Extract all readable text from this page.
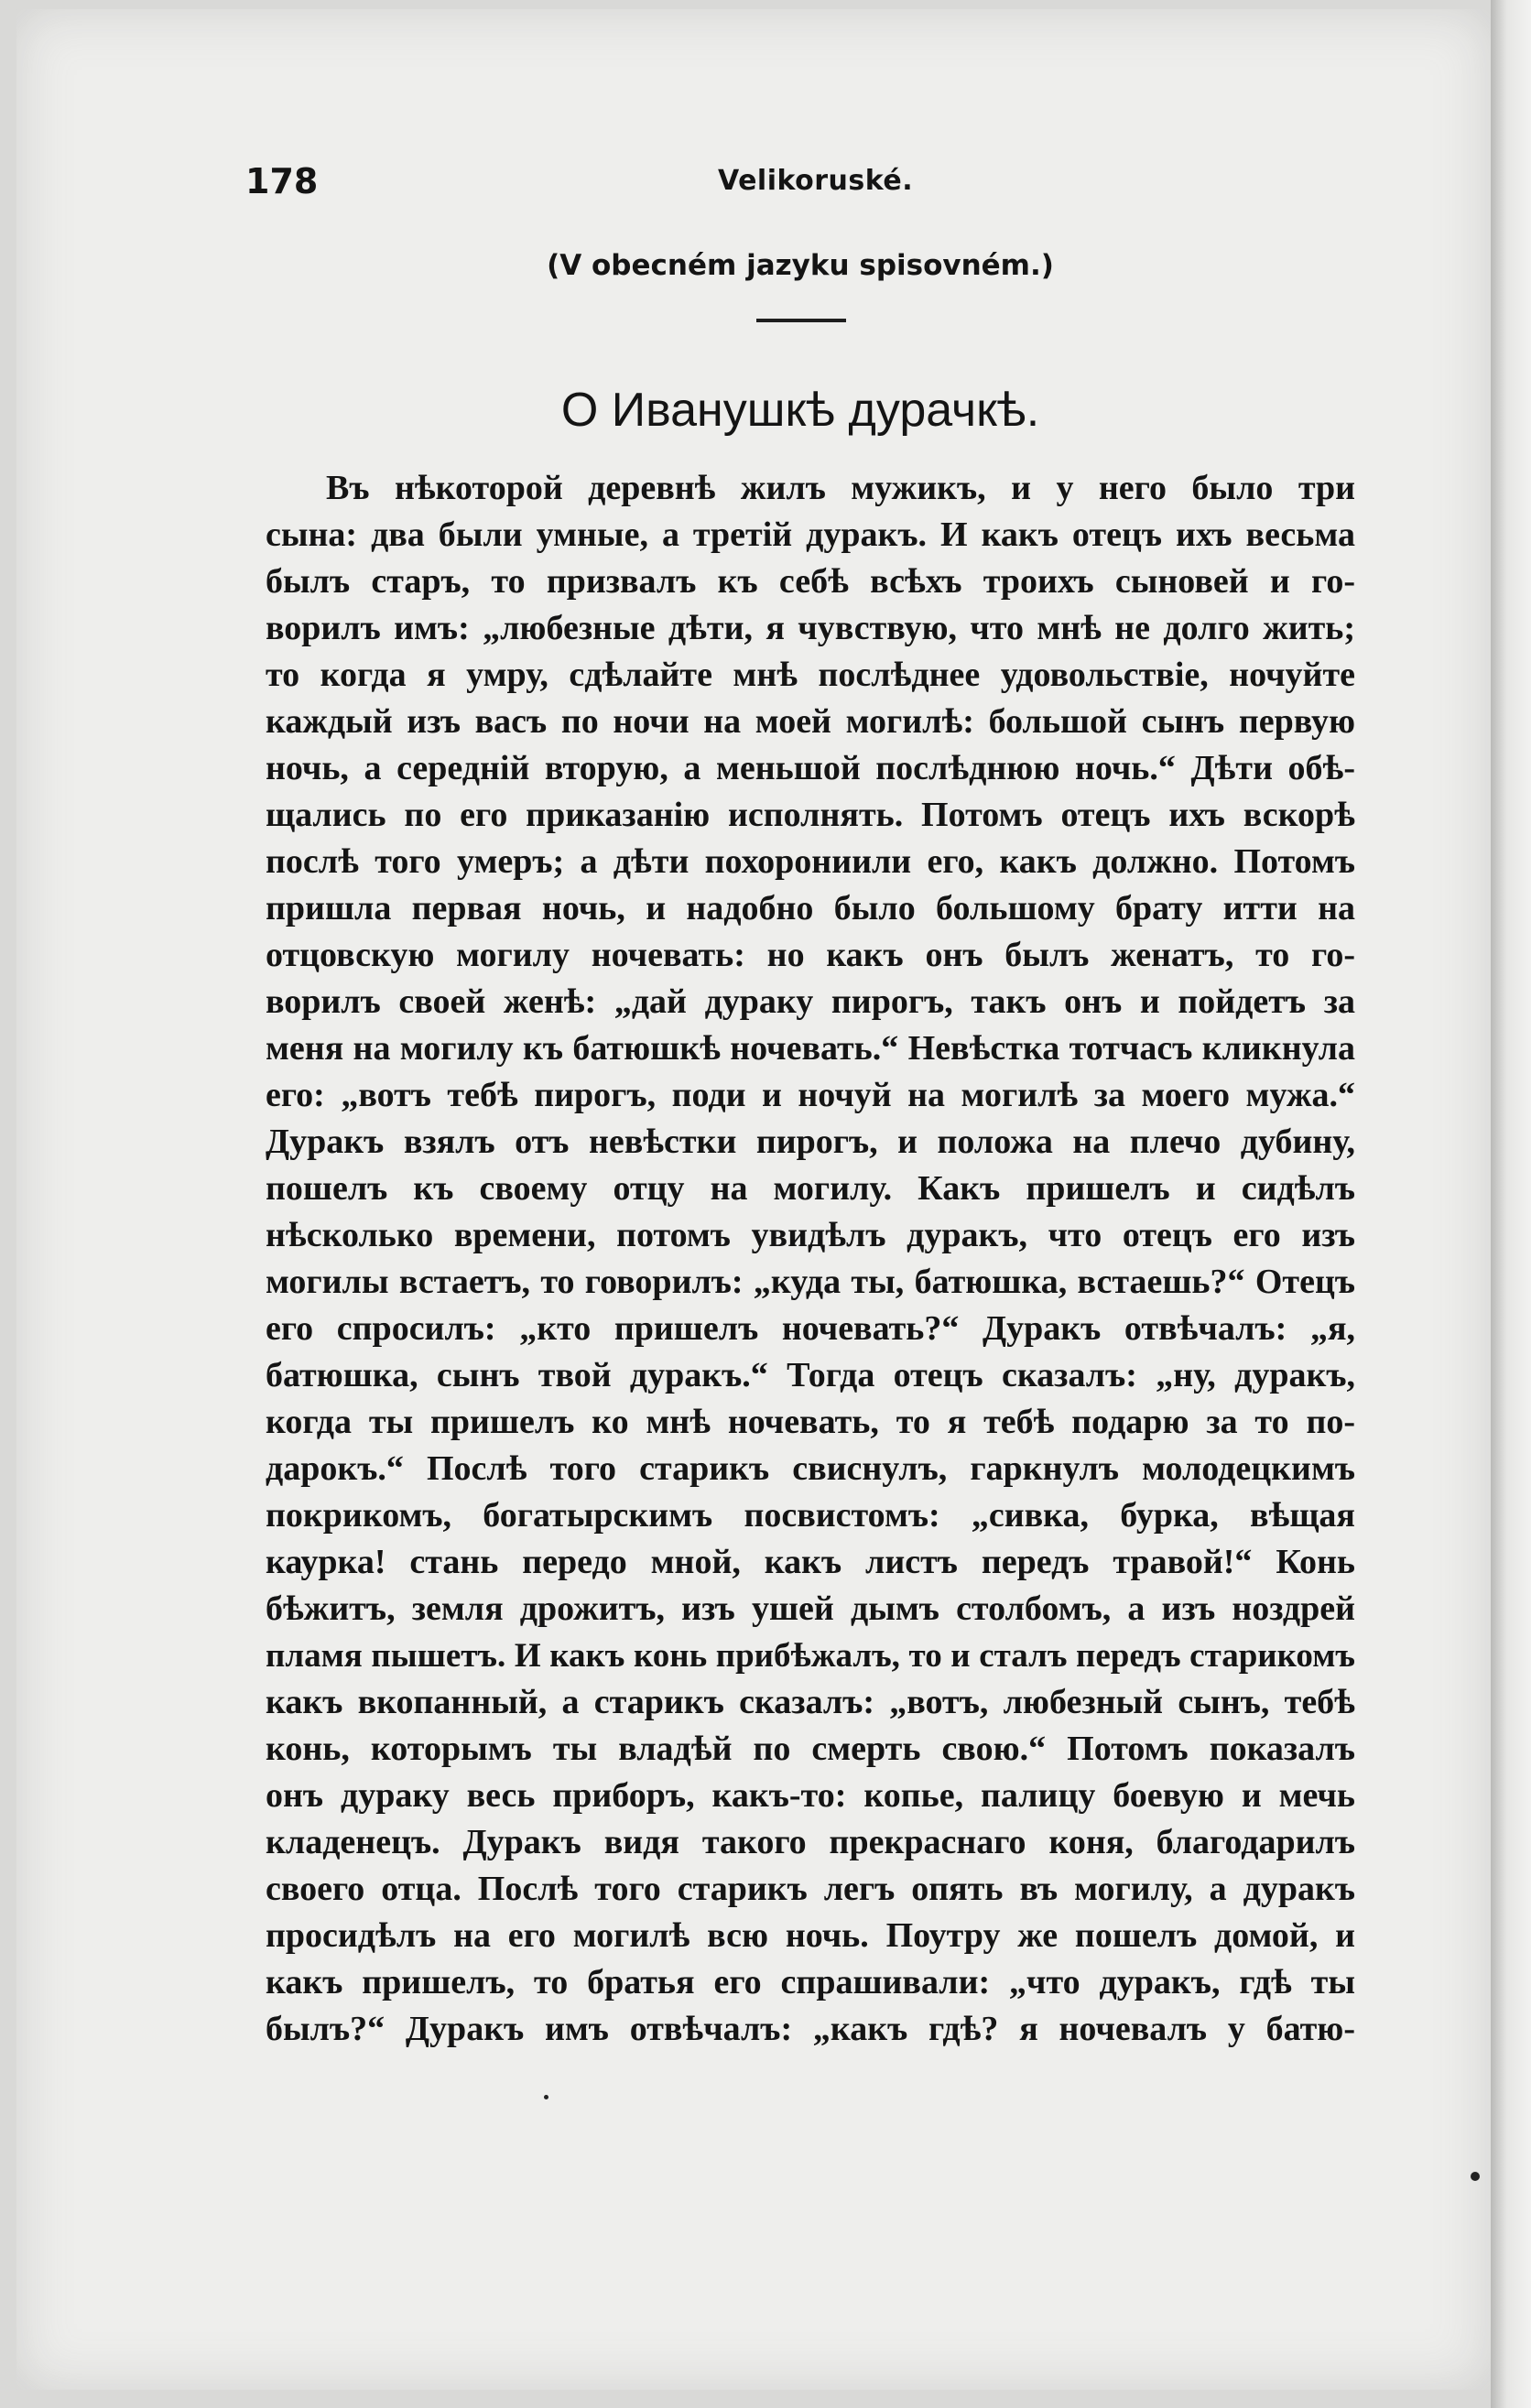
178	Velikoruské.
(V obecném jazyku spisovném.)
О Иванушкѣ дурачкѣ.
Въ нѣкоторой деревнѣ жилъ мужикъ, и у него было три
сына: два были умные, а третій дуракъ. И какъ отецъ ихъ весьма
былъ старъ, то призвалъ къ себѣ всѣхъ троихъ сыновей и го-
ворилъ имъ: „любезные дѣти, я чувствую, что мнѣ не долго жить;
то когда я умру, сдѣлайте мнѣ послѣднее удовольствіе, ночуйте
каждый изъ васъ по ночи на моей могилѣ: большой сынъ первую
ночь, а середній вторую, а меньшой послѣднюю ночь.“ Дѣти обѣ-
щались по его приказанію исполнять. Потомъ отецъ ихъ вскорѣ
послѣ того умеръ; а дѣти похорониили его, какъ должно. Потомъ
пришла первая ночь, и надобно было большому брату итти на
отцовскую могилу ночевать: но какъ онъ былъ женатъ, то го-
ворилъ своей женѣ: „дай дураку пирогъ, такъ онъ и пойдетъ за
меня на могилу къ батюшкѣ ночевать.“ Невѣстка тотчасъ кликнула
его: „вотъ тебѣ пирогъ, поди и ночуй на могилѣ за моего мужа.“
Дуракъ взялъ отъ невѣстки пирогъ, и положа на плечо дубину,
пошелъ къ своему отцу на могилу. Какъ пришелъ и сидѣлъ
нѣсколько времени, потомъ увидѣлъ дуракъ, что отецъ его изъ
могилы встаетъ, то говорилъ: „куда ты, батюшка, встаешь?“ Отецъ
его спросилъ: „кто пришелъ ночевать?“ Дуракъ отвѣчалъ: „я,
батюшка, сынъ твой дуракъ.“ Тогда отецъ сказалъ: „ну, дуракъ,
когда ты пришелъ ко мнѣ ночевать, то я тебѣ подарю за то по-
дарокъ.“ Послѣ того старикъ свиснулъ, гаркнулъ молодецкимъ
покрикомъ, богатырскимъ посвистомъ: „сивка, бурка, вѣщая
каурка! стань передо мной, какъ листъ передъ травой!“ Конь
бѣжитъ, земля дрожитъ, изъ ушей дымъ столбомъ, а изъ ноздрей
пламя пышетъ. И какъ конь прибѣжалъ, то и сталъ передъ старикомъ
какъ вкопанный, а старикъ сказалъ: „вотъ, любезный сынъ, тебѣ
конь, которымъ ты владѣй по смерть свою.“ Потомъ показалъ
онъ дураку весь приборъ, какъ-то: копье, палицу боевую и мечь
кладенецъ. Дуракъ видя такого прекраснаго коня, благодарилъ
своего отца. Послѣ того старикъ легъ опять въ могилу, а дуракъ
просидѣлъ на его могилѣ всю ночь. Поутру же пошелъ домой, и
какъ пришелъ, то братья его спрашивали: „что дуракъ, гдѣ ты
былъ?“ Дуракъ имъ отвѣчалъ: „какъ гдѣ? я ночевалъ у батю-
